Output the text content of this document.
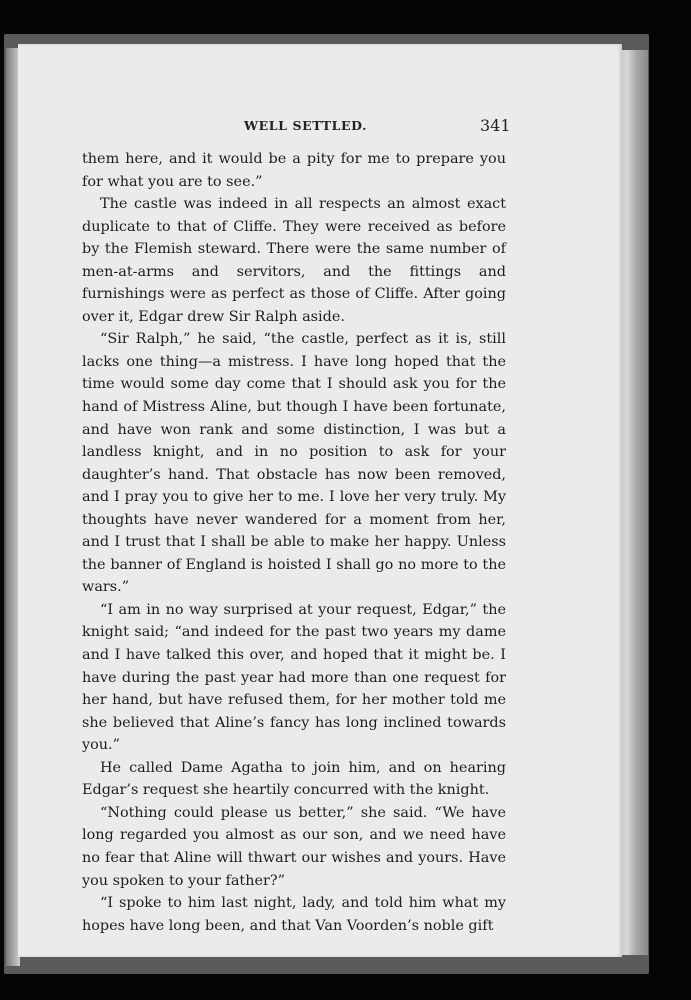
WELL SETTLED.	341

them here, and it would be a pity for me to prepare you for what you are to see.”

The castle was indeed in all respects an almost exact duplicate to that of Cliffe. They were received as before by the Flemish steward. There were the same number of men-at-arms and servitors, and the fittings and furnishings were as perfect as those of Cliffe. After going over it, Edgar drew Sir Ralph aside.

“Sir Ralph,” he said, “the castle, perfect as it is, still lacks one thing—a mistress. I have long hoped that the time would some day come that I should ask you for the hand of Mistress Aline, but though I have been fortunate, and have won rank and some distinction, I was but a landless knight, and in no position to ask for your daughter’s hand. That obstacle has now been removed, and I pray you to give her to me. I love her very truly. My thoughts have never wandered for a moment from her, and I trust that I shall be able to make her happy. Unless the banner of England is hoisted I shall go no more to the wars.”

“I am in no way surprised at your request, Edgar,” the knight said; “and indeed for the past two years my dame and I have talked this over, and hoped that it might be. I have during the past year had more than one request for her hand, but have refused them, for her mother told me she believed that Aline’s fancy has long inclined towards you.”

He called Dame Agatha to join him, and on hearing Edgar’s request she heartily concurred with the knight.

“Nothing could please us better,” she said. “We have long regarded you almost as our son, and we need have no fear that Aline will thwart our wishes and yours. Have you spoken to your father?”

“I spoke to him last night, lady, and told him what my hopes have long been, and that Van Voorden’s noble gift
